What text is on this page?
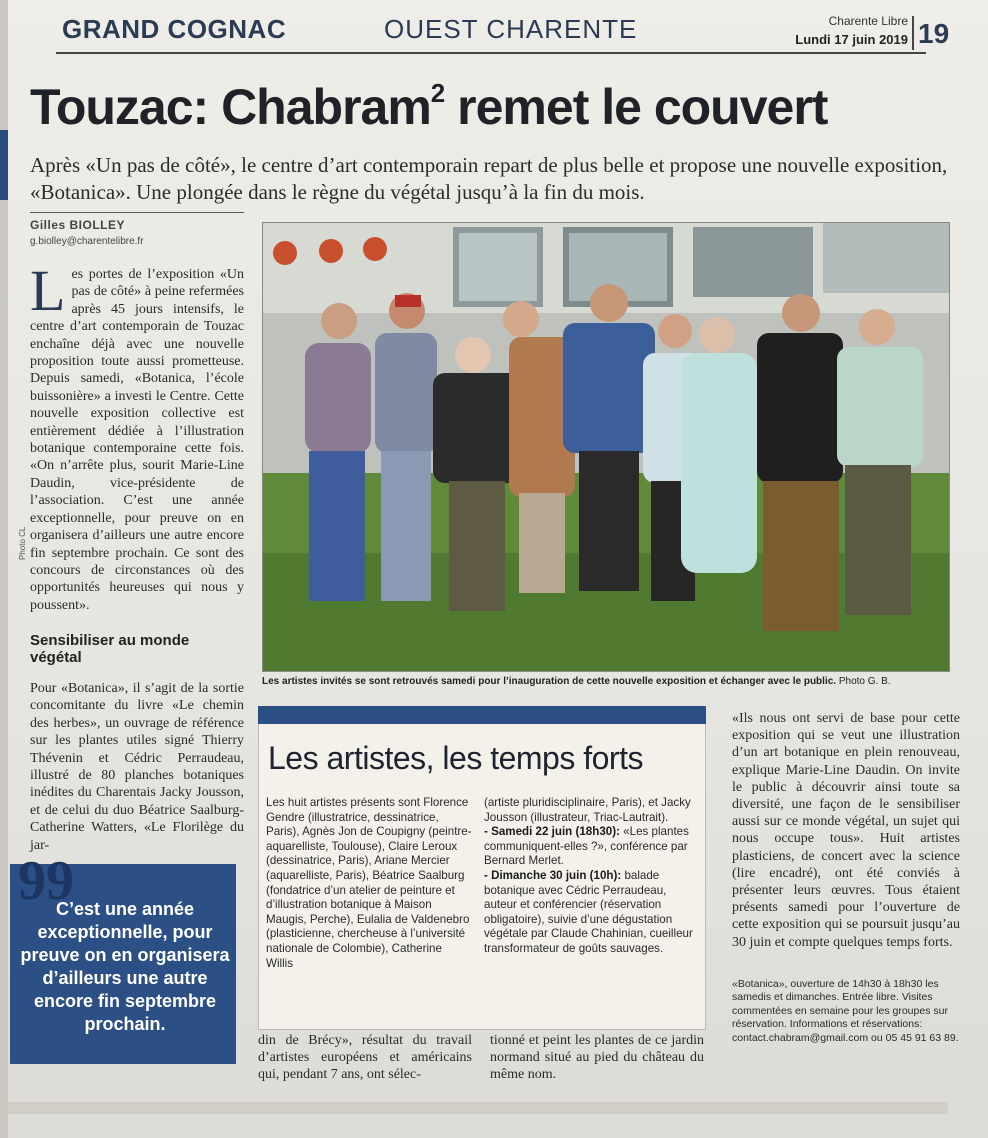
GRAND COGNAC	OUEST CHARENTE	Charente Libre
Lundi 17 juin 2019 19
Touzac: Chabram$^2$ remet le couvert
Après «Un pas de côté», le centre d’art contemporain repart de plus belle et propose une nouvelle exposition, «Botanica». Une plongée dans le règne du végétal jusqu’à la fin du mois.
Gilles BIOLLEY
g.biolley@charentelibre.fr
Les portes de l’exposition «Un pas de côté» à peine refermées après 45 jours intensifs, le centre d’art contemporain de Touzac enchaîne déjà avec une nouvelle proposition toute aussi prometteuse. Depuis samedi, «Botanica, l’école buissonière» a investi le Centre. Cette nouvelle exposition collective est entièrement dédiée à l’illustration botanique contemporaine cette fois. «On n’arrête plus, sourit Marie-Line Daudin, vice-présidente de l’association. C’est une année exceptionnelle, pour preuve on en organisera d’ailleurs une autre encore fin septembre prochain. Ce sont des concours de circonstances où des opportunités heureuses qui nous y poussent».
Photo CL
Sensibiliser au monde végétal
Pour «Botanica», il s’agit de la sortie concomitante du livre «Le chemin des herbes», un ouvrage de référence sur les plantes utiles signé Thierry Thévenin et Cédric Perraudeau, illustré de 80 planches botaniques inédites du Charentais Jacky Jousson, et de celui du duo Béatrice Saalburg-Catherine Watters, «Le Florilège du jar-
99
C’est une année exceptionnelle, pour preuve on en organisera d’ailleurs une autre encore fin septembre prochain.
Les artistes invités se sont retrouvés samedi pour l’inauguration de cette nouvelle exposition et échanger avec le public. Photo G. B.
Les artistes, les temps forts
Les huit artistes présents sont Florence Gendre (illustratrice, dessinatrice, Paris), Agnès Jon de Coupigny (peintre-aquarelliste, Toulouse), Claire Leroux (dessinatrice, Paris), Ariane Mercier (aquarelliste, Paris), Béatrice Saalburg (fondatrice d’un atelier de peinture et d’illustration botanique à Maison Maugis, Perche), Eulalia de Valdenebro (plasticienne, chercheuse à l’université nationale de Colombie), Catherine Willis
(artiste pluridisciplinaire, Paris), et Jacky Jousson (illustrateur, Triac-Lautrait).
- Samedi 22 juin (18h30): «Les plantes communiquent-elles ?», conférence par Bernard Merlet.
- Dimanche 30 juin (10h): balade botanique avec Cédric Perraudeau, auteur et conférencier (réservation obligatoire), suivie d’une dégustation végétale par Claude Chahinian, cueilleur transformateur de goûts sauvages.
din de Brécy», résultat du travail d’artistes européens et américains qui, pendant 7 ans, ont sélec-
tionné et peint les plantes de ce jardin normand situé au pied du château du même nom.
«Ils nous ont servi de base pour cette exposition qui se veut une illustration d’un art botanique en plein renouveau, explique Marie-Line Daudin. On invite le public à découvrir ainsi toute sa diversité, une façon de le sensibiliser aussi sur ce monde végétal, un sujet qui nous occupe tous». Huit artistes plasticiens, de concert avec la science (lire encadré), ont été conviés à présenter leurs œuvres. Tous étaient présents samedi pour l’ouverture de cette exposition qui se poursuit jusqu’au 30 juin et compte quelques temps forts.
«Botanica», ouverture de 14h30 à 18h30 les samedis et dimanches. Entrée libre. Visites commentées en semaine pour les groupes sur réservation. Informations et réservations: contact.chabram@gmail.com ou 05 45 91 63 89.
